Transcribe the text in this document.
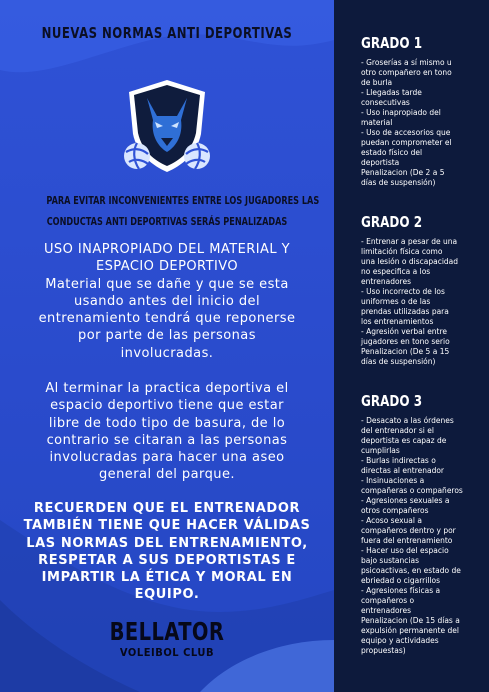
NUEVAS NORMAS ANTI DEPORTIVAS
PARA EVITAR INCONVENIENTES ENTRE LOS JUGADORES LAS
CONDUCTAS ANTI DEPORTIVAS SERÁS PENALIZADAS

USO INAPROPIADO DEL MATERIAL Y

ESPACIO DEPORTIVO

Material que se dañe y que se esta

usando antes del inicio del

entrenamiento tendrá que reponerse

por parte de las personas

involucradas.

Al terminar la practica deportiva el

espacio deportivo tiene que estar

libre de todo tipo de basura, de lo

contrario se citaran a las personas

involucradas para hacer una aseo

general del parque.

RECUERDEN QUE EL ENTRENADOR

TAMBIÉN TIENE QUE HACER VÁLIDAS

LAS NORMAS DEL ENTRENAMIENTO,

RESPETAR A SUS DEPORTISTAS E

IMPARTIR LA ÉTICA Y MORAL EN

EQUIPO.

BELLATOR
VOLEIBOL CLUB
GRADO 1
- Groserías a sí mismo u
otro compañero en tono
de burla
- Llegadas tarde
consecutivas
- Uso inapropiado del
material
- Uso de accesorios que
puedan comprometer el
estado físico del
deportista
Penalizacion (De 2 a 5
días de suspensión)
GRADO 2
- Entrenar a pesar de una
limitación física como
una lesión o discapacidad
no especifica a los
entrenadores
- Uso incorrecto de los
uniformes o de las
prendas utilizadas para
los entrenamientos
- Agresión verbal entre
jugadores en tono serio
Penalizacion (De 5 a 15
días de suspensión)
GRADO 3
- Desacato a las órdenes
del entrenador si el
deportista es capaz de
cumplirlas
- Burlas indirectas o
directas al entrenador
- Insinuaciones a
compañeras o compañeros
- Agresiones sexuales a
otros compañeros
- Acoso sexual a
compañeros dentro y por
fuera del entrenamiento
- Hacer uso del espacio
bajo sustancias
psicoactivas, en estado de
ebriedad o cigarrillos
- Agresiones físicas a
compañeros o
entrenadores
Penalizacion (De 15 días a
expulsión permanente del
equipo y actividades
propuestas)
